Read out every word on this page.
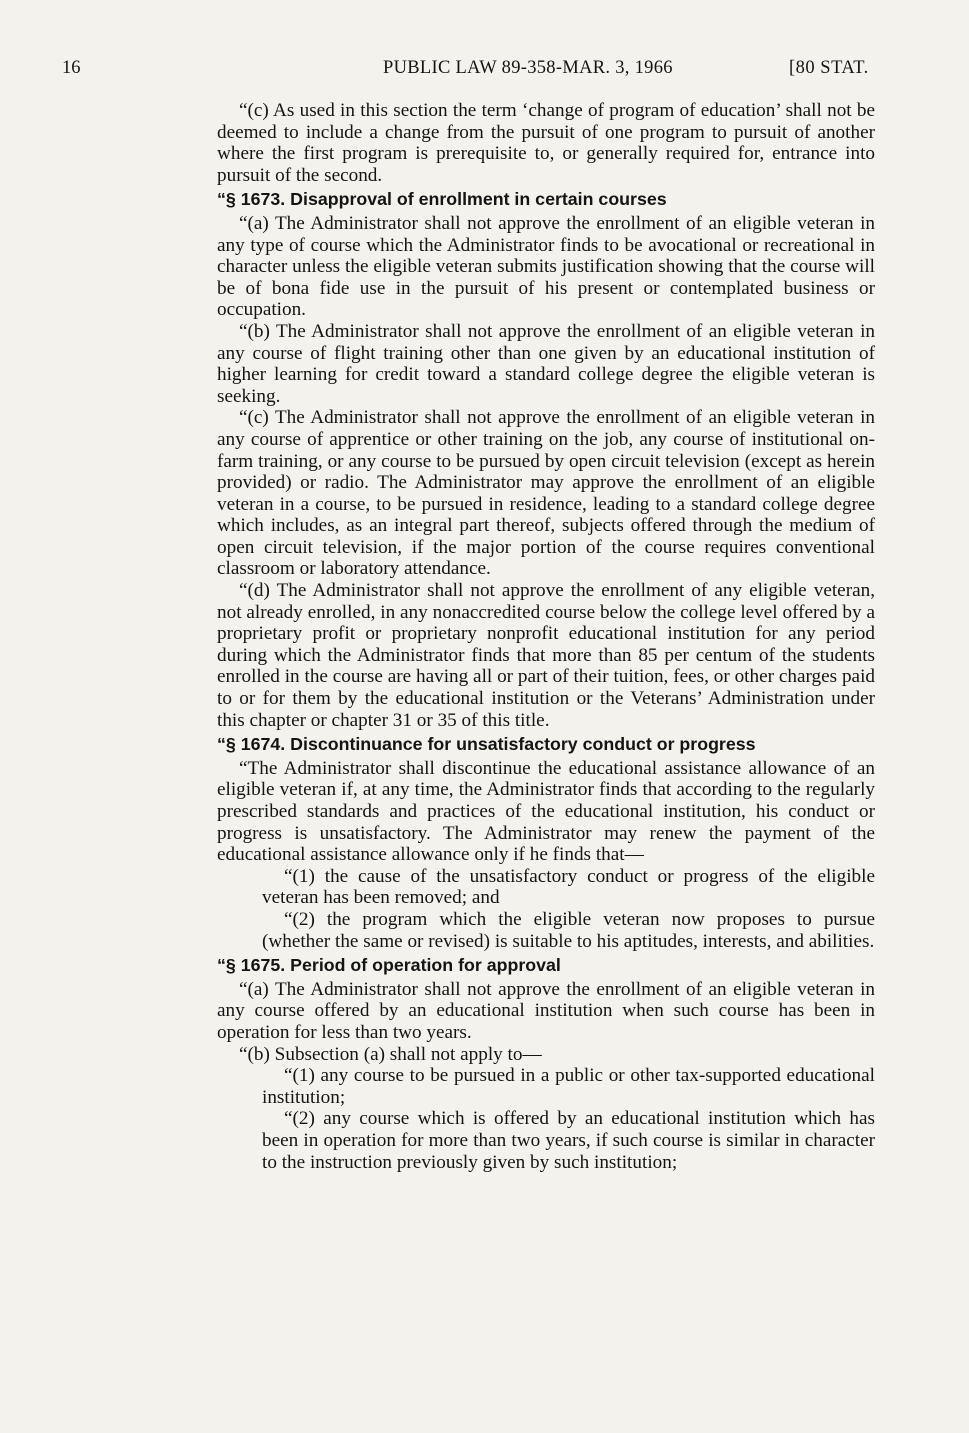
16	PUBLIC LAW 89-358-MAR. 3, 1966	[80 STAT.

“(c) As used in this section the term ‘change of program of education’ shall not be deemed to include a change from the pursuit of one program to pursuit of another where the first program is prerequisite to, or generally required for, entrance into pursuit of the second.

“§ 1673. Disapproval of enrollment in certain courses

“(a) The Administrator shall not approve the enrollment of an eligible veteran in any type of course which the Administrator finds to be avocational or recreational in character unless the eligible veteran submits justification showing that the course will be of bona fide use in the pursuit of his present or contemplated business or occupation.

“(b) The Administrator shall not approve the enrollment of an eligible veteran in any course of flight training other than one given by an educational institution of higher learning for credit toward a standard college degree the eligible veteran is seeking.

“(c) The Administrator shall not approve the enrollment of an eligible veteran in any course of apprentice or other training on the job, any course of institutional on-farm training, or any course to be pursued by open circuit television (except as herein provided) or radio. The Administrator may approve the enrollment of an eligible veteran in a course, to be pursued in residence, leading to a standard college degree which includes, as an integral part thereof, subjects offered through the medium of open circuit television, if the major portion of the course requires conventional classroom or laboratory attendance.

“(d) The Administrator shall not approve the enrollment of any eligible veteran, not already enrolled, in any nonaccredited course below the college level offered by a proprietary profit or proprietary nonprofit educational institution for any period during which the Administrator finds that more than 85 per centum of the students enrolled in the course are having all or part of their tuition, fees, or other charges paid to or for them by the educational institution or the Veterans’ Administration under this chapter or chapter 31 or 35 of this title.

“§ 1674. Discontinuance for unsatisfactory conduct or progress

“The Administrator shall discontinue the educational assistance allowance of an eligible veteran if, at any time, the Administrator finds that according to the regularly prescribed standards and practices of the educational institution, his conduct or progress is unsatisfactory. The Administrator may renew the payment of the educational assistance allowance only if he finds that—

“(1) the cause of the unsatisfactory conduct or progress of the eligible veteran has been removed; and

“(2) the program which the eligible veteran now proposes to pursue (whether the same or revised) is suitable to his aptitudes, interests, and abilities.

“§ 1675. Period of operation for approval

“(a) The Administrator shall not approve the enrollment of an eligible veteran in any course offered by an educational institution when such course has been in operation for less than two years.

“(b) Subsection (a) shall not apply to—

“(1) any course to be pursued in a public or other tax-supported educational institution;

“(2) any course which is offered by an educational institution which has been in operation for more than two years, if such course is similar in character to the instruction previously given by such institution;
